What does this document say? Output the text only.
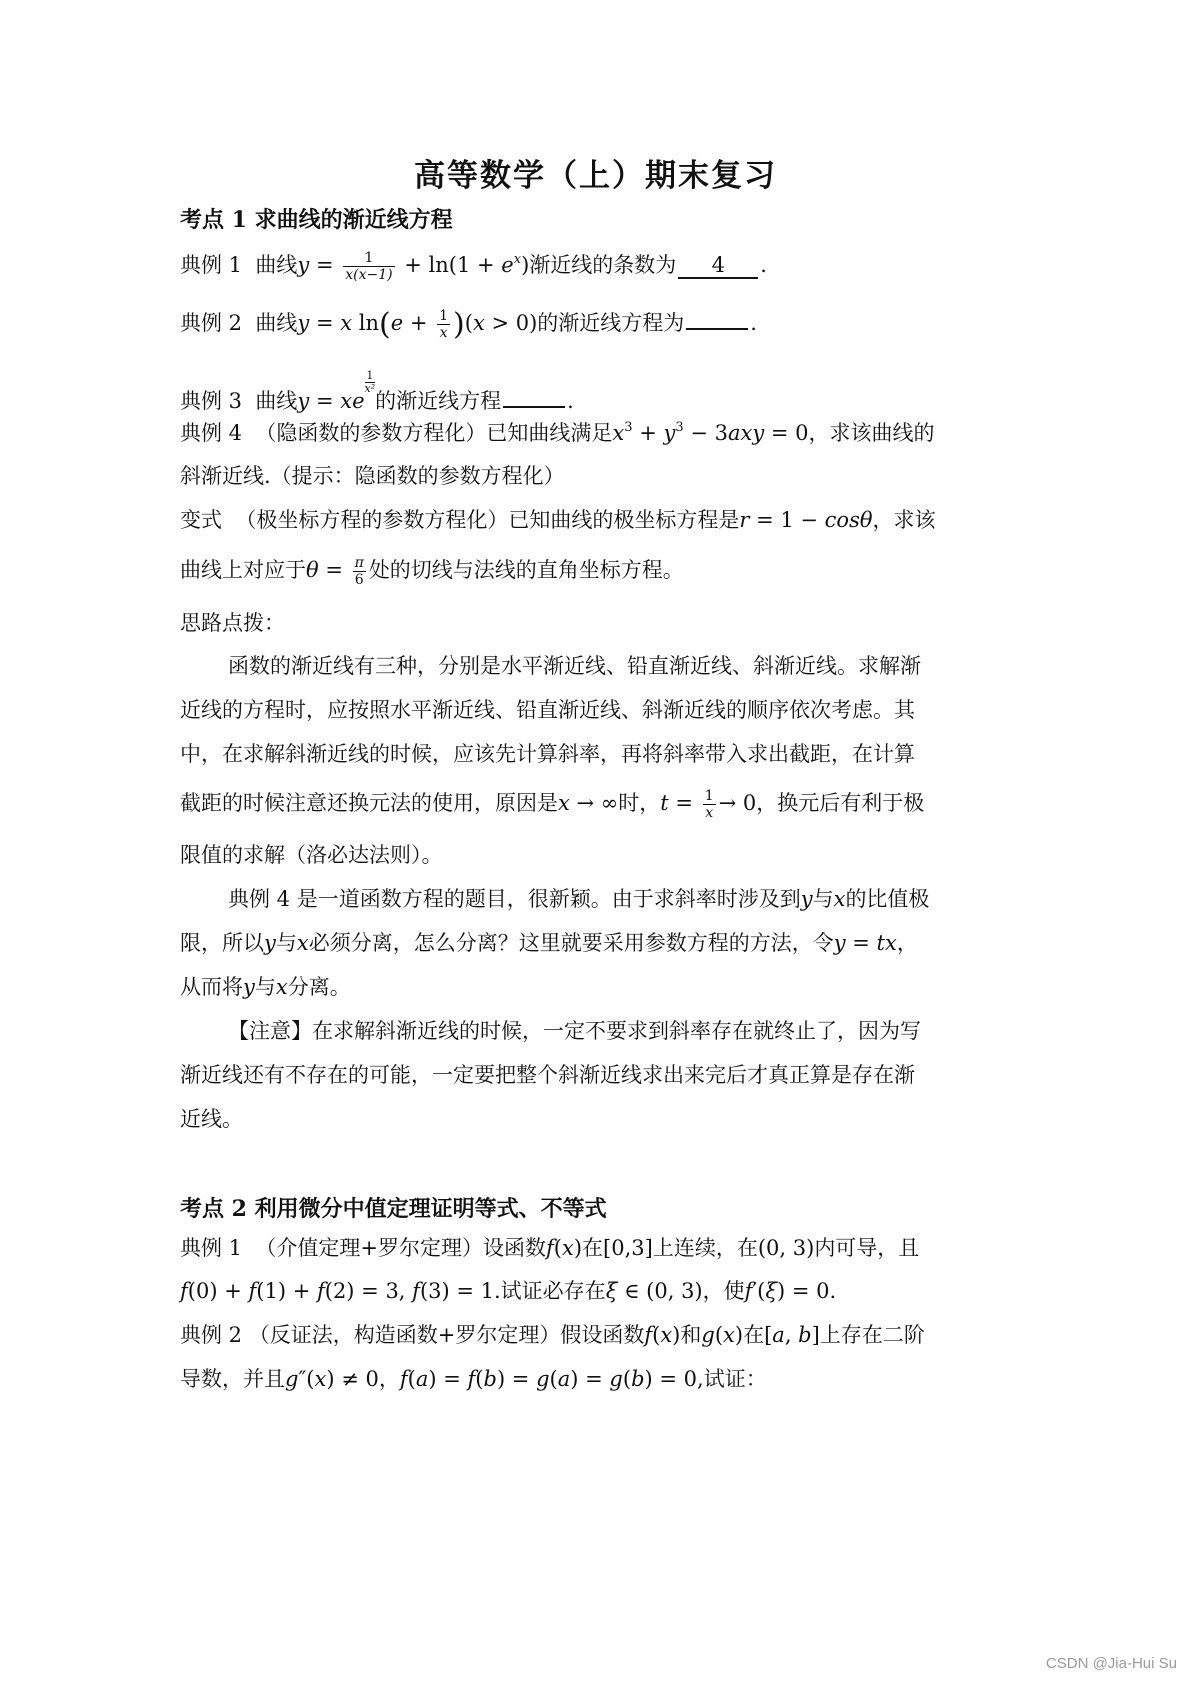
高等数学（上）期末复习
考点 1 求曲线的渐近线方程
典例 1 曲线$y = \frac{1}{x(x-1)} + \ln(1 + e^x)$渐近线的条数为 4 .
典例 2 曲线y = x $\ln(e + \frac{1}{x} )(x > 0)$的渐近线方程为	.
典例 3 曲线y = xe
$\frac{1}{\text{x²}}$
的渐近线方程	.
典例 4 （隐函数的参数方程化）已知曲线满足$x^3 + y^3 - 3axy = 0$，求该曲线的
斜渐近线.（提示：隐函数的参数方程化）
变式 （极坐标方程的参数方程化）已知曲线的极坐标方程是r = 1 − cosθ，求该
曲线上对应于$\theta = \frac{\pi}{6}$ 处的切线与法线的直角坐标方程。
思路点拨：
函数的渐近线有三种，分别是水平渐近线、铅直渐近线、斜渐近线。求解渐
近线的方程时，应按照水平渐近线、铅直渐近线、斜渐近线的顺序依次考虑。其
中，在求解斜渐近线的时候，应该先计算斜率，再将斜率带入求出截距，在计算
截距的时候注意还换元法的使用，原因是x → ∞时，$t = \frac{1}{x} \to 0$，换元后有利于极
限值的求解（洛必达法则）。
典例 4 是一道函数方程的题目，很新颖。由于求斜率时涉及到y与x的比值极
限，所以y与x必须分离，怎么分离？这里就要采用参数方程的方法，令y = tx，
从而将y与x分离。
【注意】在求解斜渐近线的时候，一定不要求到斜率存在就终止了，因为写
渐近线还有不存在的可能，一定要把整个斜渐近线求出来完后才真正算是存在渐
近线。
考点 2 利用微分中值定理证明等式、不等式
典例 1 （介值定理+罗尔定理）设函数f(x)在[0,3]上连续，在(0, 3)内可导，且
f(0) + f(1) + f(2) = 3, f(3) = 1.试证必存在ξ ∈ (0, 3)，使f′(ξ) = 0.
典例 2 （反证法，构造函数+罗尔定理）假设函数f(x)和g(x)在[a, b]上存在二阶
导数，并且g″(x) ≠ 0，f(a) = f(b) = g(a) = g(b) = 0,试证：
CSDN @Jia-Hui Su
